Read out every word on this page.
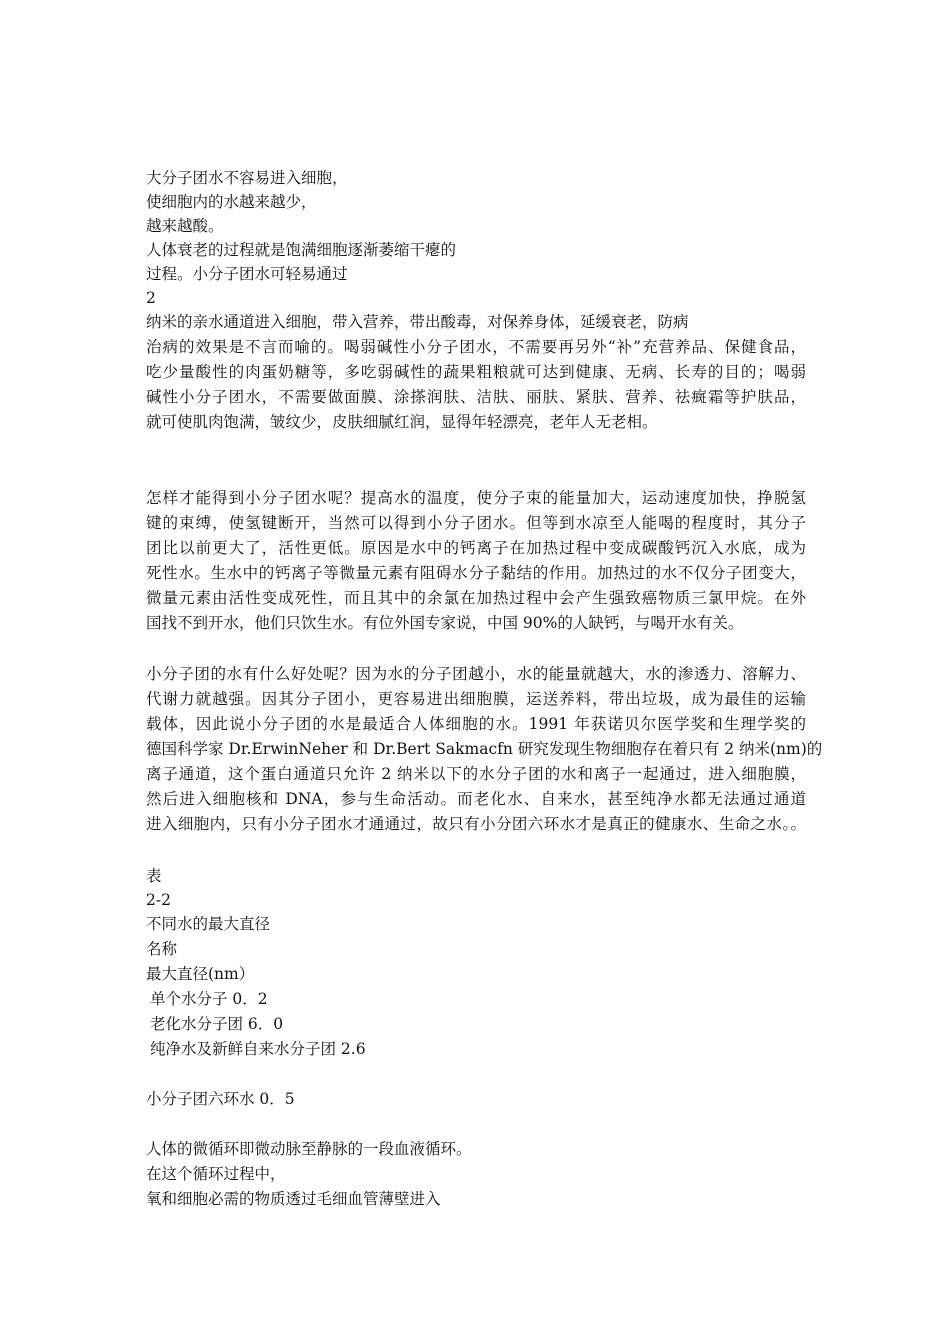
大分子团水不容易进入细胞，
使细胞内的水越来越少，
越来越酸。
人体衰老的过程就是饱满细胞逐渐萎缩干瘪的
过程。小分子团水可轻易通过
2
纳米的亲水通道进入细胞，带入营养，带出酸毒，对保养身体，延缓衰老，防病
治病的效果是不言而喻的。喝弱碱性小分子团水，不需要再另外“补”充营养品、保健食品，
吃少量酸性的肉蛋奶糖等，多吃弱碱性的蔬果粗粮就可达到健康、无病、长寿的目的；喝弱
碱性小分子团水，不需要做面膜、涂搽润肤、洁肤、丽肤、紧肤、营养、祛癍霜等护肤品，
就可使肌肉饱满，皱纹少，皮肤细腻红润，显得年轻漂亮，老年人无老相。
怎样才能得到小分子团水呢？提高水的温度，使分子束的能量加大，运动速度加快，挣脱氢
键的束缚，使氢键断开，当然可以得到小分子团水。但等到水凉至人能喝的程度时，其分子
团比以前更大了，活性更低。原因是水中的钙离子在加热过程中变成碳酸钙沉入水底，成为
死性水。生水中的钙离子等微量元素有阻碍水分子黏结的作用。加热过的水不仅分子团变大，
微量元素由活性变成死性，而且其中的余氯在加热过程中会产生强致癌物质三氯甲烷。在外
国找不到开水，他们只饮生水。有位外国专家说，中国 90%的人缺钙，与喝开水有关。
小分子团的水有什么好处呢？因为水的分子团越小，水的能量就越大，水的渗透力、溶解力、
代谢力就越强。因其分子团小，更容易进出细胞膜，运送养料，带出垃圾，成为最佳的运输
载体，因此说小分子团的水是最适合人体细胞的水。1991 年获诺贝尔医学奖和生理学奖的
德国科学家 Dr.ErwinNeher 和 Dr.Bert Sakmacfn 研究发现生物细胞存在着只有 2 纳米(nm)的
离子通道，这个蛋白通道只允许 2 纳米以下的水分子团的水和离子一起通过，进入细胞膜，
然后进入细胞核和 DNA，参与生命活动。而老化水、自来水，甚至纯净水都无法通过通道
进入细胞内，只有小分子团水才通通过，故只有小分团六环水才是真正的健康水、生命之水。。
表
2-2
不同水的最大直径
名称
最大直径(nm）
单个水分子 0．2
老化水分子团 6．0
纯净水及新鲜自来水分子团 2.6
小分子团六环水 0．5
人体的微循环即微动脉至静脉的一段血液循环。
在这个循环过程中，
氧和细胞必需的物质透过毛细血管薄壁进入
